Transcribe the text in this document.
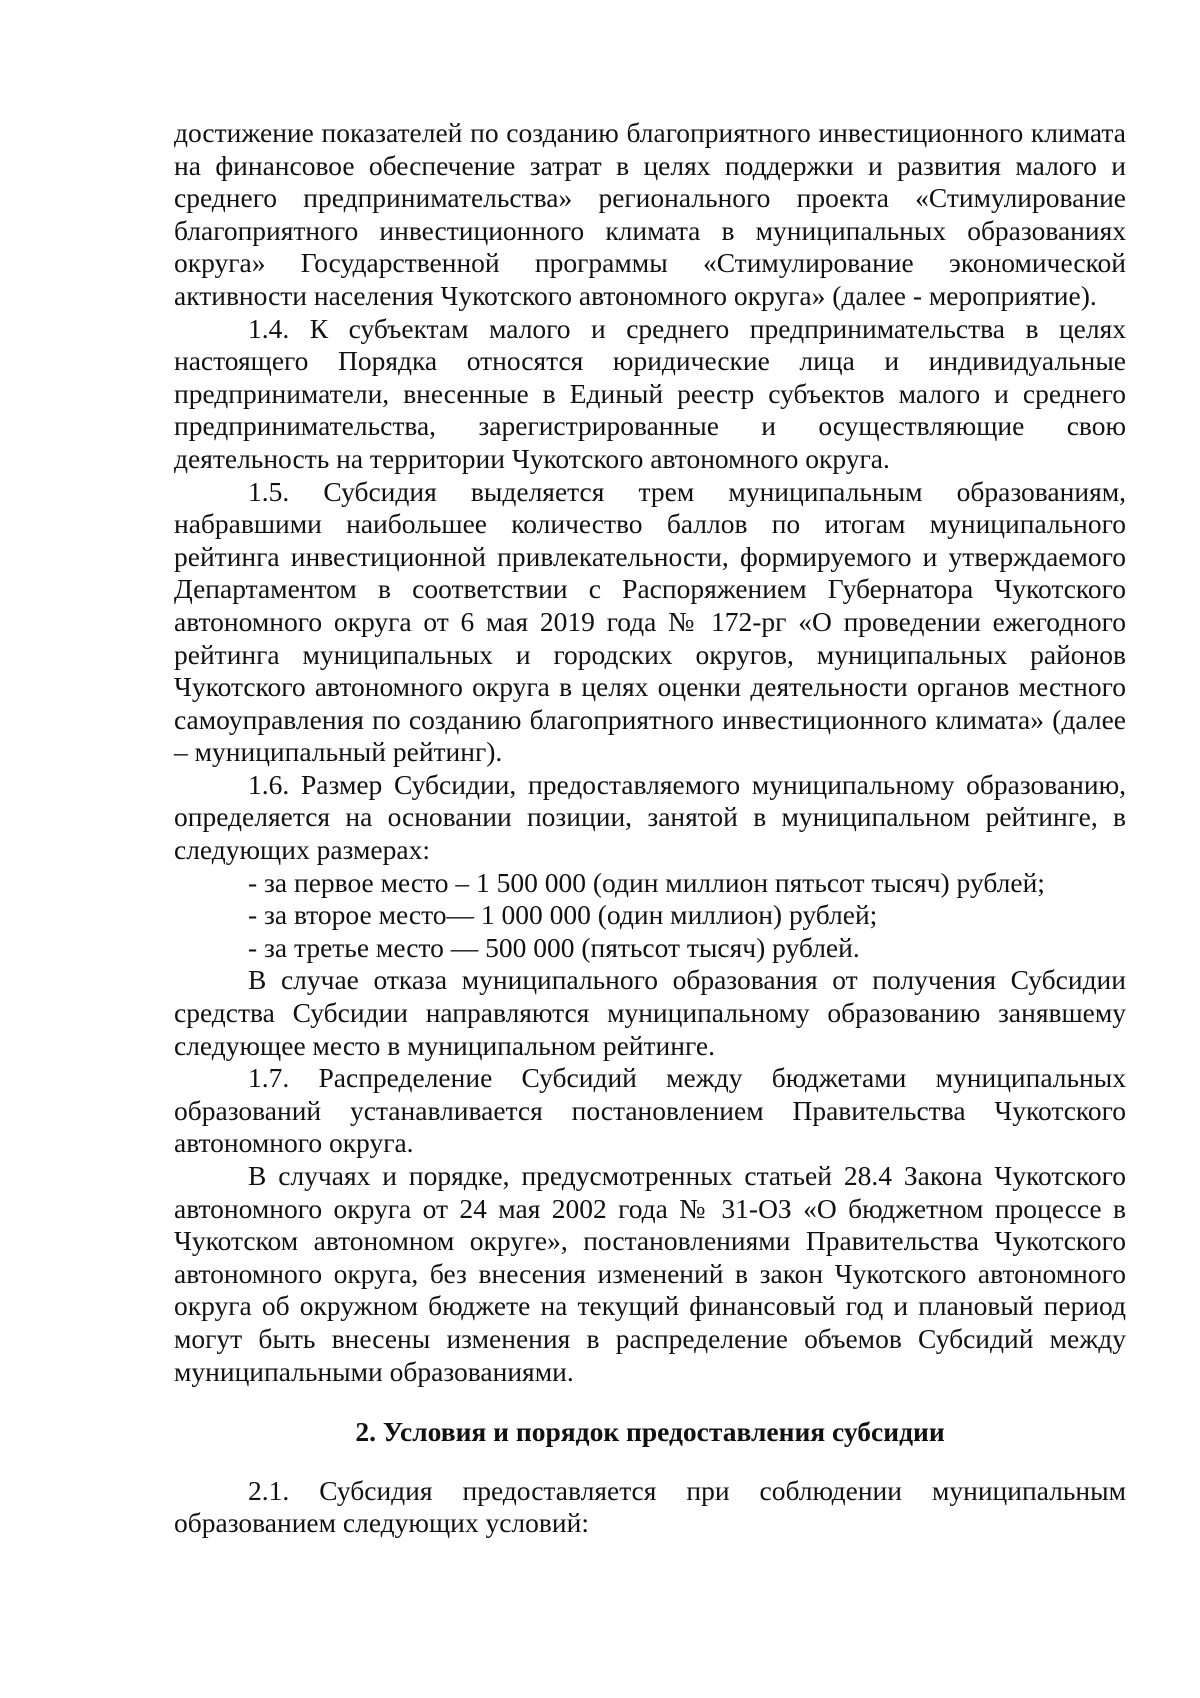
достижение показателей по созданию благоприятного инвестиционного климата на финансовое обеспечение затрат в целях поддержки и развития малого и среднего предпринимательства» регионального проекта «Стимулирование благоприятного инвестиционного климата в муниципальных образованиях округа» Государственной программы «Стимулирование экономической активности населения Чукотского автономного округа» (далее - мероприятие).

1.4. К субъектам малого и среднего предпринимательства в целях настоящего Порядка относятся юридические лица и индивидуальные предприниматели, внесенные в Единый реестр субъектов малого и среднего предпринимательства, зарегистрированные и осуществляющие свою деятельность на территории Чукотского автономного округа.

1.5. Субсидия выделяется трем муниципальным образованиям, набравшими наибольшее количество баллов по итогам муниципального рейтинга инвестиционной привлекательности, формируемого и утверждаемого Департаментом в соответствии с Распоряжением Губернатора Чукотского автономного округа от 6 мая 2019 года № 172-рг «О проведении ежегодного рейтинга муниципальных и городских округов, муниципальных районов Чукотского автономного округа в целях оценки деятельности органов местного самоуправления по созданию благоприятного инвестиционного климата» (далее – муниципальный рейтинг).

1.6. Размер Субсидии, предоставляемого муниципальному образованию, определяется на основании позиции, занятой в муниципальном рейтинге, в следующих размерах:

- за первое место – 1 500 000 (один миллион пятьсот тысяч) рублей;

- за второе место— 1 000 000 (один миллион) рублей;

- за третье место — 500 000 (пятьсот тысяч) рублей.

В случае отказа муниципального образования от получения Субсидии средства Субсидии направляются муниципальному образованию занявшему следующее место в муниципальном рейтинге.

1.7. Распределение Субсидий между бюджетами муниципальных образований устанавливается постановлением Правительства Чукотского автономного округа.

В случаях и порядке, предусмотренных статьей 28.4 Закона Чукотского автономного округа от 24 мая 2002 года № 31-ОЗ «О бюджетном процессе в Чукотском автономном округе», постановлениями Правительства Чукотского автономного округа, без внесения изменений в закон Чукотского автономного округа об окружном бюджете на текущий финансовый год и плановый период могут быть внесены изменения в распределение объемов Субсидий между муниципальными образованиями.

2. Условия и порядок предоставления субсидии

2.1. Субсидия предоставляется при соблюдении муниципальным образованием следующих условий:
